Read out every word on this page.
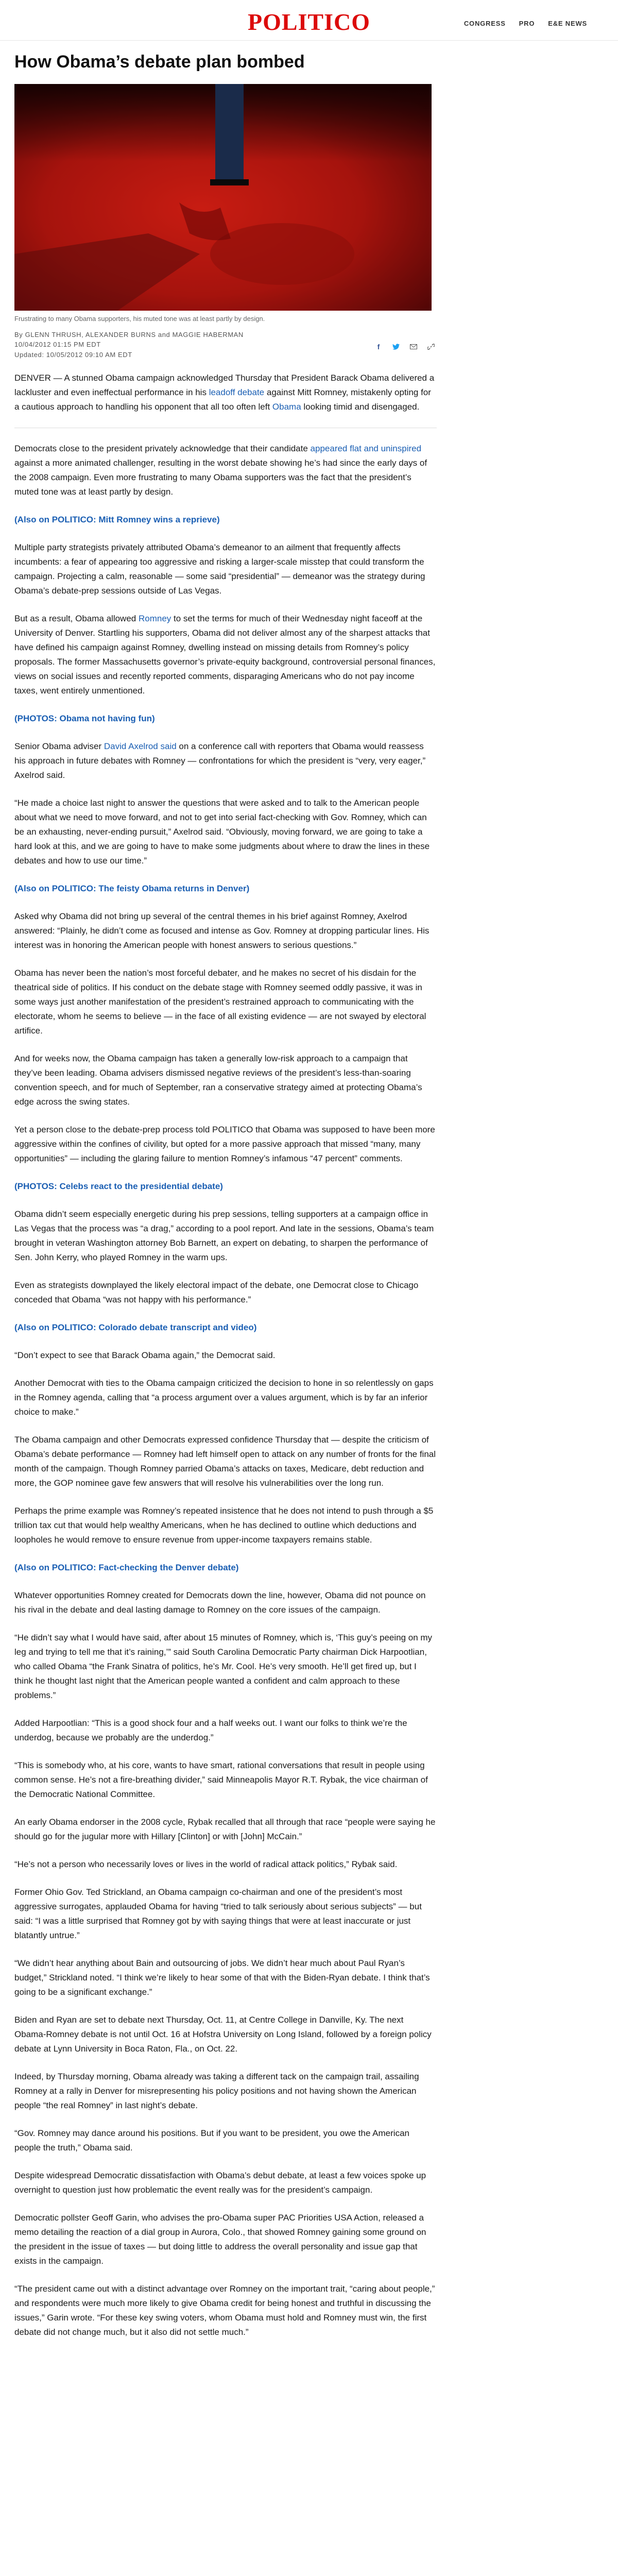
POLITICO	CONGRESS PRO E&E NEWS
How Obama’s debate plan bombed

Frustrating to many Obama supporters, his muted tone was at least partly by design.

By GLENN THRUSH, ALEXANDER BURNS and MAGGIE HABERMAN
10/04/2012 01:15 PM EDT
Updated: 10/05/2012 09:10 AM EDT
f

DENVER — A stunned Obama campaign acknowledged Thursday that President Barack Obama delivered a lackluster and even ineffectual performance in his leadoff debate against Mitt Romney, mistakenly opting for a cautious approach to handling his opponent that all too often left Obama looking timid and disengaged.

Democrats close to the president privately acknowledge that their candidate appeared flat and uninspired against a more animated challenger, resulting in the worst debate showing he’s had since the early days of the 2008 campaign. Even more frustrating to many Obama supporters was the fact that the president’s muted tone was at least partly by design.

(Also on POLITICO: Mitt Romney wins a reprieve)

Multiple party strategists privately attributed Obama’s demeanor to an ailment that frequently affects incumbents: a fear of appearing too aggressive and risking a larger-scale misstep that could transform the campaign. Projecting a calm, reasonable — some said “presidential” — demeanor was the strategy during Obama’s debate-prep sessions outside of Las Vegas.

But as a result, Obama allowed Romney to set the terms for much of their Wednesday night faceoff at the University of Denver. Startling his supporters, Obama did not deliver almost any of the sharpest attacks that have defined his campaign against Romney, dwelling instead on missing details from Romney’s policy proposals. The former Massachusetts governor’s private-equity background, controversial personal finances, views on social issues and recently reported comments, disparaging Americans who do not pay income taxes, went entirely unmentioned.

(PHOTOS: Obama not having fun)

Senior Obama adviser David Axelrod said on a conference call with reporters that Obama would reassess his approach in future debates with Romney — confrontations for which the president is “very, very eager,” Axelrod said.

“He made a choice last night to answer the questions that were asked and to talk to the American people about what we need to move forward, and not to get into serial fact-checking with Gov. Romney, which can be an exhausting, never-ending pursuit,” Axelrod said. “Obviously, moving forward, we are going to take a hard look at this, and we are going to have to make some judgments about where to draw the lines in these debates and how to use our time.”

(Also on POLITICO: The feisty Obama returns in Denver)

Asked why Obama did not bring up several of the central themes in his brief against Romney, Axelrod answered: “Plainly, he didn’t come as focused and intense as Gov. Romney at dropping particular lines. His interest was in honoring the American people with honest answers to serious questions.”

Obama has never been the nation’s most forceful debater, and he makes no secret of his disdain for the theatrical side of politics. If his conduct on the debate stage with Romney seemed oddly passive, it was in some ways just another manifestation of the president’s restrained approach to communicating with the electorate, whom he seems to believe — in the face of all existing evidence — are not swayed by electoral artifice.

And for weeks now, the Obama campaign has taken a generally low-risk approach to a campaign that they’ve been leading. Obama advisers dismissed negative reviews of the president’s less-than-soaring convention speech, and for much of September, ran a conservative strategy aimed at protecting Obama’s edge across the swing states.

Yet a person close to the debate-prep process told POLITICO that Obama was supposed to have been more aggressive within the confines of civility, but opted for a more passive approach that missed “many, many opportunities” — including the glaring failure to mention Romney’s infamous “47 percent” comments.

(PHOTOS: Celebs react to the presidential debate)

Obama didn’t seem especially energetic during his prep sessions, telling supporters at a campaign office in Las Vegas that the process was “a drag,” according to a pool report. And late in the sessions, Obama’s team brought in veteran Washington attorney Bob Barnett, an expert on debating, to sharpen the performance of Sen. John Kerry, who played Romney in the warm ups.

Even as strategists downplayed the likely electoral impact of the debate, one Democrat close to Chicago conceded that Obama “was not happy with his performance.”

(Also on POLITICO: Colorado debate transcript and video)

“Don’t expect to see that Barack Obama again,” the Democrat said.

Another Democrat with ties to the Obama campaign criticized the decision to hone in so relentlessly on gaps in the Romney agenda, calling that “a process argument over a values argument, which is by far an inferior choice to make.”

The Obama campaign and other Democrats expressed confidence Thursday that — despite the criticism of Obama’s debate performance — Romney had left himself open to attack on any number of fronts for the final month of the campaign. Though Romney parried Obama’s attacks on taxes, Medicare, debt reduction and more, the GOP nominee gave few answers that will resolve his vulnerabilities over the long run.

Perhaps the prime example was Romney’s repeated insistence that he does not intend to push through a $5 trillion tax cut that would help wealthy Americans, when he has declined to outline which deductions and loopholes he would remove to ensure revenue from upper-income taxpayers remains stable.

(Also on POLITICO: Fact-checking the Denver debate)

Whatever opportunities Romney created for Democrats down the line, however, Obama did not pounce on his rival in the debate and deal lasting damage to Romney on the core issues of the campaign.

“He didn’t say what I would have said, after about 15 minutes of Romney, which is, ‘This guy’s peeing on my leg and trying to tell me that it’s raining,’” said South Carolina Democratic Party chairman Dick Harpootlian, who called Obama “the Frank Sinatra of politics, he’s Mr. Cool. He’s very smooth. He’ll get fired up, but I think he thought last night that the American people wanted a confident and calm approach to these problems.”

Added Harpootlian: “This is a good shock four and a half weeks out. I want our folks to think we’re the underdog, because we probably are the underdog.”

“This is somebody who, at his core, wants to have smart, rational conversations that result in people using common sense. He’s not a fire-breathing divider,” said Minneapolis Mayor R.T. Rybak, the vice chairman of the Democratic National Committee.

An early Obama endorser in the 2008 cycle, Rybak recalled that all through that race “people were saying he should go for the jugular more with Hillary [Clinton] or with [John] McCain.”

“He’s not a person who necessarily loves or lives in the world of radical attack politics,” Rybak said.

Former Ohio Gov. Ted Strickland, an Obama campaign co-chairman and one of the president’s most aggressive surrogates, applauded Obama for having “tried to talk seriously about serious subjects” — but said: “I was a little surprised that Romney got by with saying things that were at least inaccurate or just blatantly untrue.”

“We didn’t hear anything about Bain and outsourcing of jobs. We didn’t hear much about Paul Ryan’s budget,” Strickland noted. “I think we’re likely to hear some of that with the Biden-Ryan debate. I think that’s going to be a significant exchange.”

Biden and Ryan are set to debate next Thursday, Oct. 11, at Centre College in Danville, Ky. The next Obama-Romney debate is not until Oct. 16 at Hofstra University on Long Island, followed by a foreign policy debate at Lynn University in Boca Raton, Fla., on Oct. 22.

Indeed, by Thursday morning, Obama already was taking a different tack on the campaign trail, assailing Romney at a rally in Denver for misrepresenting his policy positions and not having shown the American people “the real Romney” in last night’s debate.

“Gov. Romney may dance around his positions. But if you want to be president, you owe the American people the truth,” Obama said.

Despite widespread Democratic dissatisfaction with Obama’s debut debate, at least a few voices spoke up overnight to question just how problematic the event really was for the president’s campaign.

Democratic pollster Geoff Garin, who advises the pro-Obama super PAC Priorities USA Action, released a memo detailing the reaction of a dial group in Aurora, Colo., that showed Romney gaining some ground on the president in the issue of taxes — but doing little to address the overall personality and issue gap that exists in the campaign.

“The president came out with a distinct advantage over Romney on the important trait, “caring about people,” and respondents were much more likely to give Obama credit for being honest and truthful in discussing the issues,” Garin wrote. “For these key swing voters, whom Obama must hold and Romney must win, the first debate did not change much, but it also did not settle much.”
